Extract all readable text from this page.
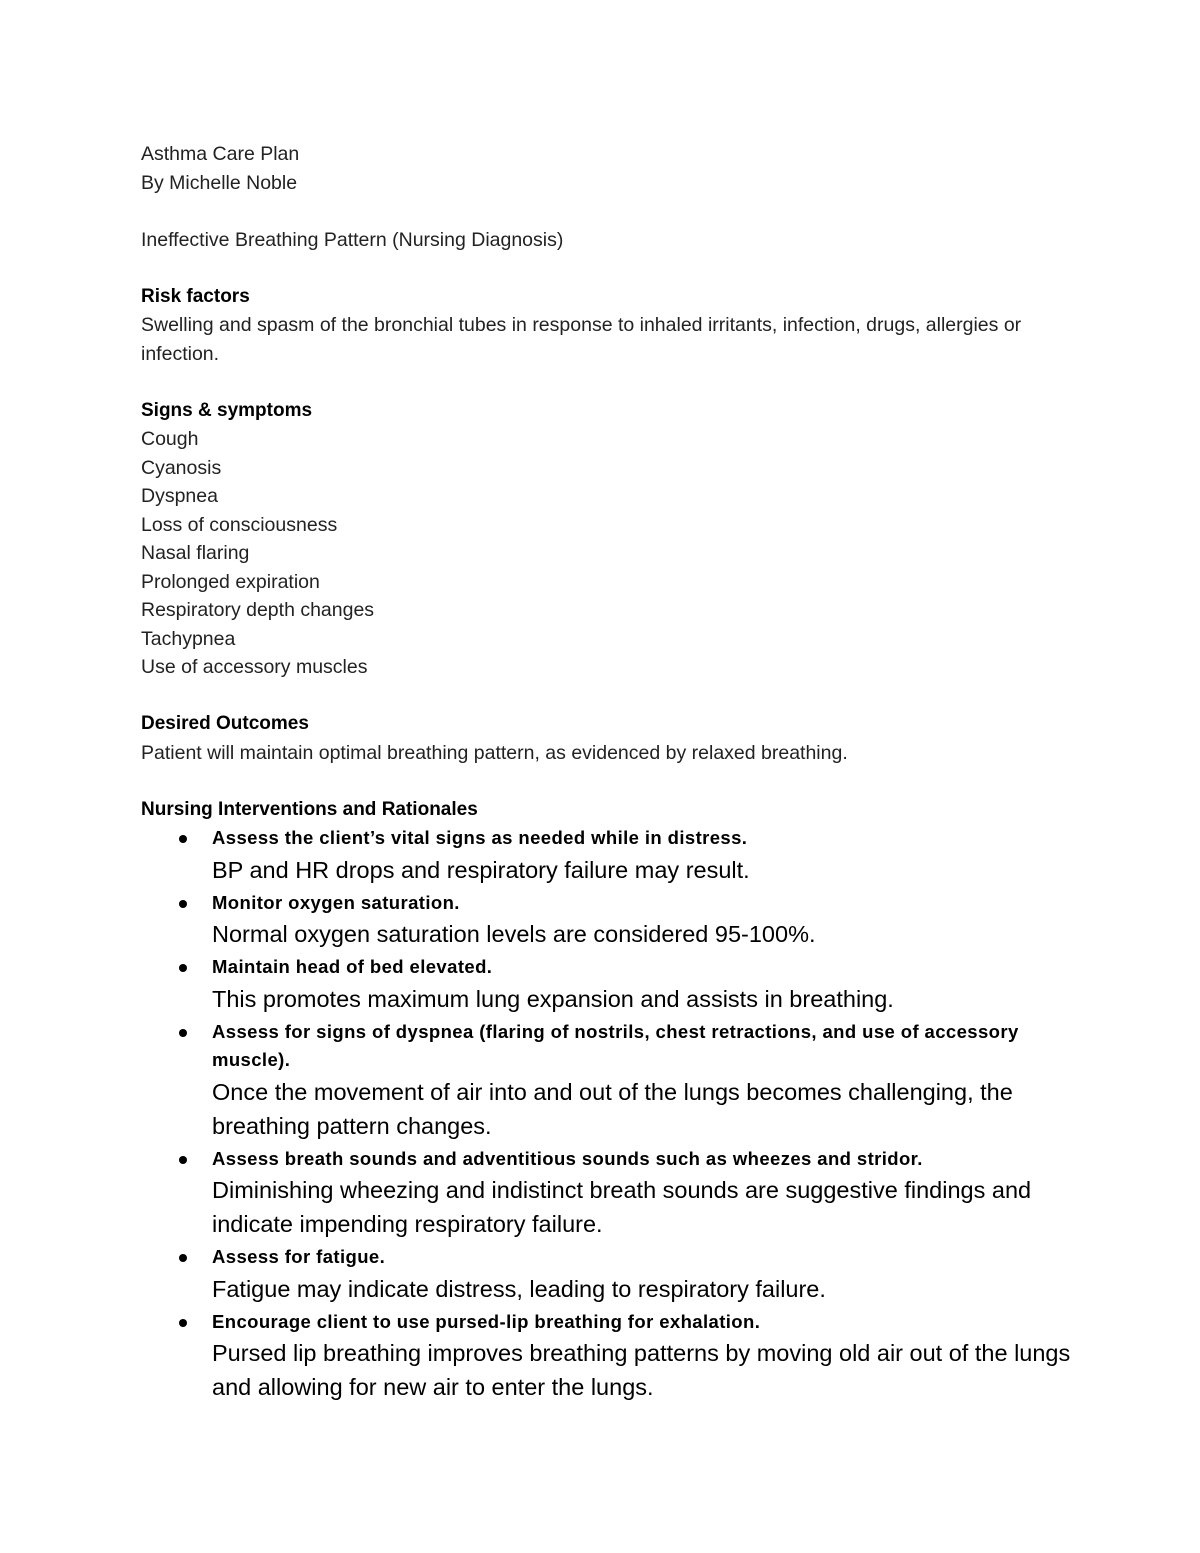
Asthma Care Plan

By Michelle Noble

Ineffective Breathing Pattern (Nursing Diagnosis)

Risk factors

Swelling and spasm of the bronchial tubes in response to inhaled irritants, infection, drugs, allergies or infection.

Signs & symptoms

Cough

Cyanosis

Dyspnea

Loss of consciousness

Nasal flaring

Prolonged expiration

Respiratory depth changes

Tachypnea

Use of accessory muscles

Desired Outcomes

Patient will maintain optimal breathing pattern, as evidenced by relaxed breathing.

Nursing Interventions and Rationales

Assess the client’s vital signs as needed while in distress.

BP and HR drops and respiratory failure may result.

Monitor oxygen saturation.

Normal oxygen saturation levels are considered 95-100%.

Maintain head of bed elevated.

This promotes maximum lung expansion and assists in breathing.

Assess for signs of dyspnea (flaring of nostrils, chest retractions, and use of accessory muscle).

Once the movement of air into and out of the lungs becomes challenging, the breathing pattern changes.

Assess breath sounds and adventitious sounds such as wheezes and stridor.

Diminishing wheezing and indistinct breath sounds are suggestive findings and indicate impending respiratory failure.

Assess for fatigue.

Fatigue may indicate distress, leading to respiratory failure.

Encourage client to use pursed-lip breathing for exhalation.

Pursed lip breathing improves breathing patterns by moving old air out of the lungs and allowing for new air to enter the lungs.
